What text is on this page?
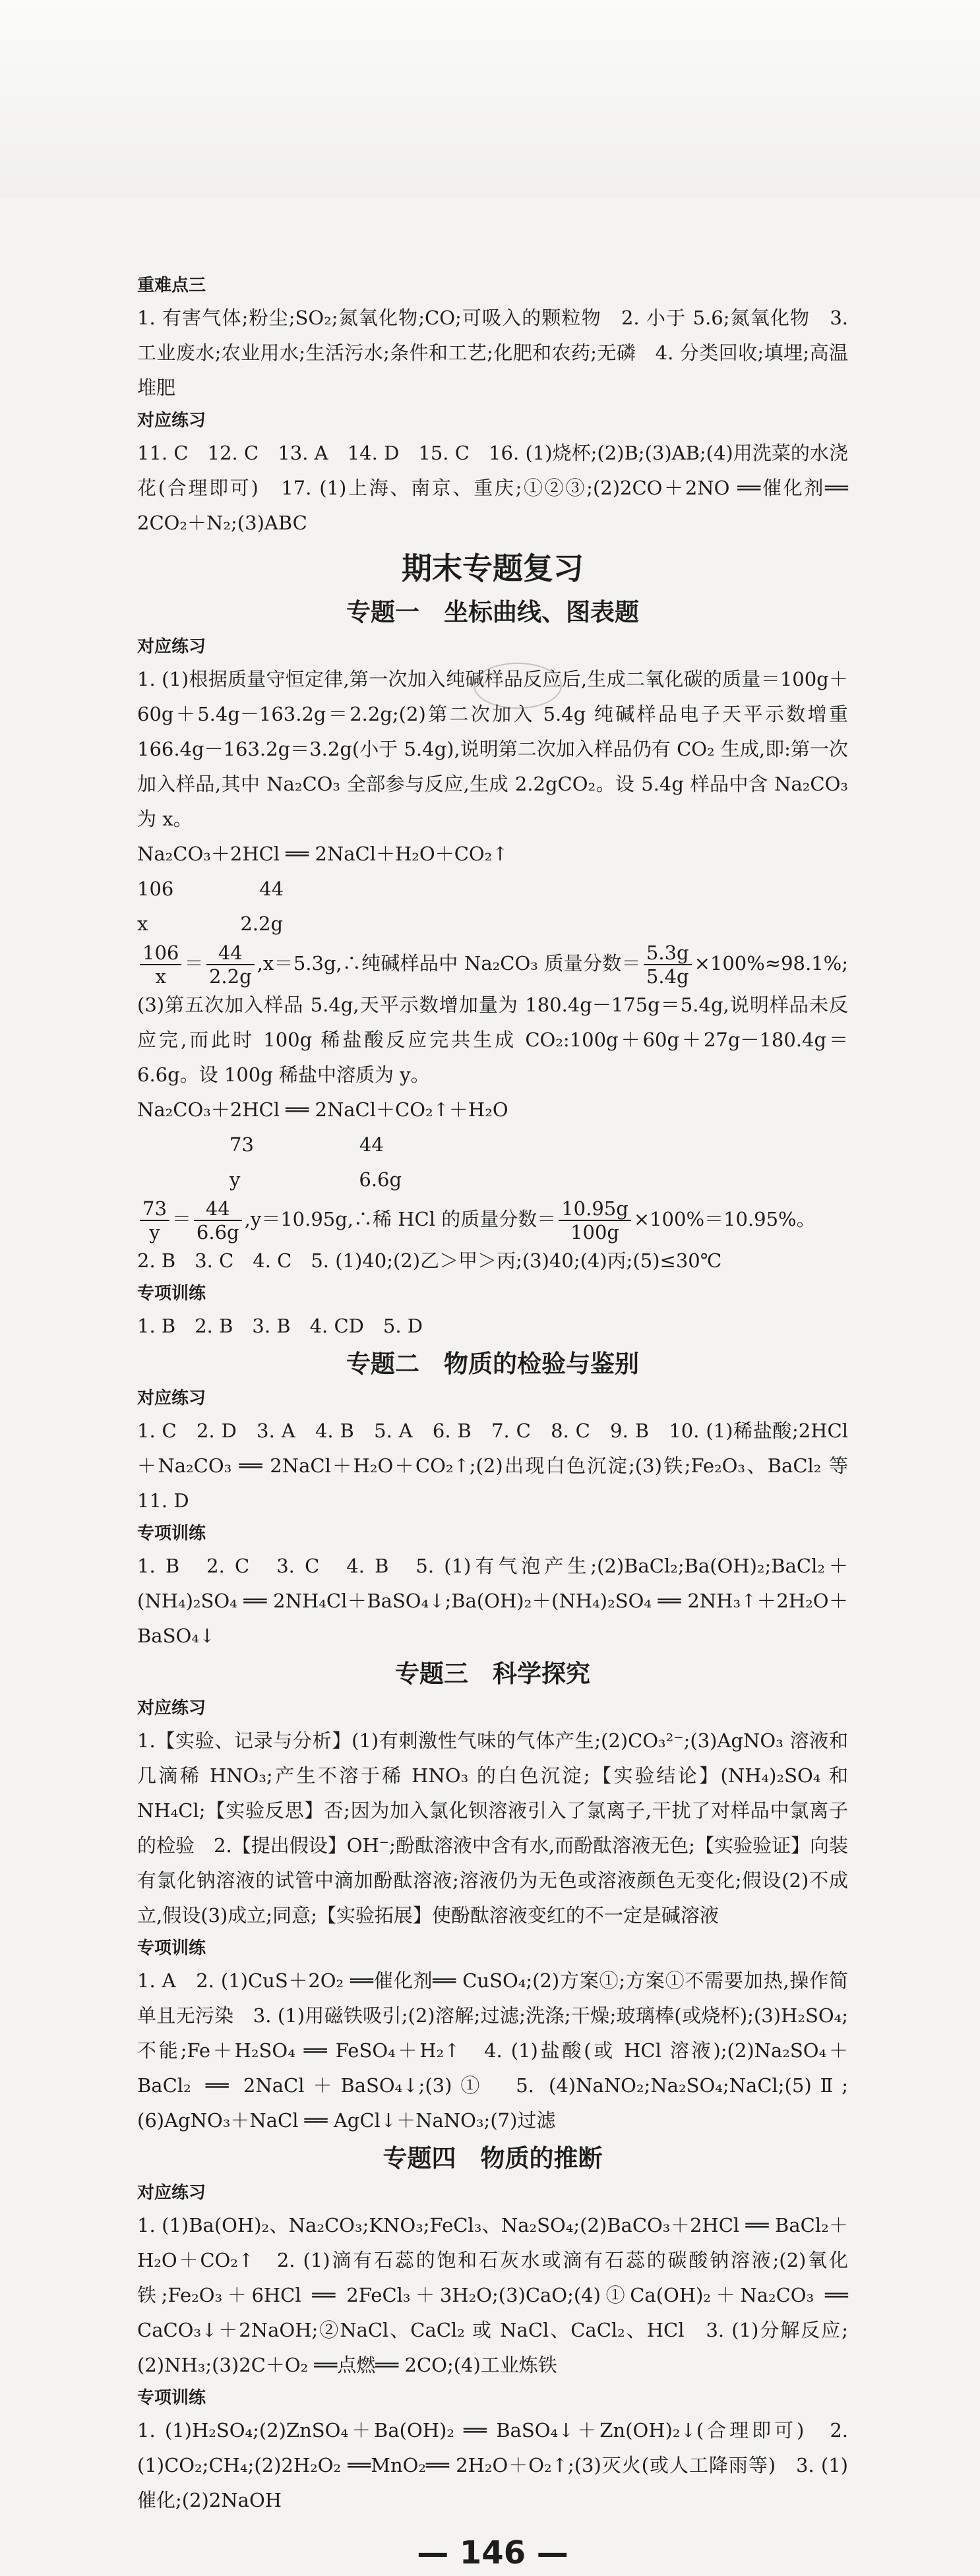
重难点三
1. 有害气体;粉尘;SO₂;氮氧化物;CO;可吸入的颗粒物　2. 小于 5.6;氮氧化物　3. 工业废水;农业用水;生活污水;条件和工艺;化肥和农药;无磷　4. 分类回收;填埋;高温堆肥
对应练习
11. C　12. C　13. A　14. D　15. C　16. (1)烧杯;(2)B;(3)AB;(4)用洗菜的水浇花(合理即可)　17. (1)上海、南京、重庆;①②③;(2)2CO＋2NO ══催化剂══ 2CO₂＋N₂;(3)ABC
期末专题复习
专题一　坐标曲线、图表题
对应练习
1. (1)根据质量守恒定律,第一次加入纯碱样品反应后,生成二氧化碳的质量＝100g＋60g＋5.4g－163.2g＝2.2g;(2)第二次加入 5.4g 纯碱样品电子天平示数增重 166.4g－163.2g＝3.2g(小于 5.4g),说明第二次加入样品仍有 CO₂ 生成,即:第一次加入样品,其中 Na₂CO₃ 全部参与反应,生成 2.2gCO₂。设 5.4g 样品中含 Na₂CO₃ 为 x。
Na₂CO₃＋2HCl ══ 2NaCl＋H₂O＋CO₂↑
106	44
x	2.2g
$\frac{106}{x} = \frac{44}{2.2g}$ ,x＝5.3g,∴纯碱样品中 Na₂CO₃ 质量分数＝ $\frac{5.3g}{5.4g}$ ×100%≈98.1%;(3)第五次加入样品 5.4g,天平示数增加量为 180.4g－175g＝5.4g,说明样品未反应完,而此时 100g 稀盐酸反应完共生成 CO₂:100g＋60g＋27g－180.4g＝6.6g。设 100g 稀盐中溶质为 y。
Na₂CO₃＋2HCl ══ 2NaCl＋CO₂↑＋H₂O
73	44
y	6.6g
$\frac{73}{y} = \frac{44}{6.6g}$ ,y＝10.95g,∴稀 HCl 的质量分数＝ $\frac{10.95g}{100g} \times 100\%=10.95\%$。
2. B　3. C　4. C　5. (1)40;(2)乙＞甲＞丙;(3)40;(4)丙;(5)≤30℃
专项训练
1. B　2. B　3. B　4. CD　5. D
专题二　物质的检验与鉴别
对应练习
1. C　2. D　3. A　4. B　5. A　6. B　7. C　8. C　9. B　10. (1)稀盐酸;2HCl＋Na₂CO₃ ══ 2NaCl＋H₂O＋CO₂↑;(2)出现白色沉淀;(3)铁;Fe₂O₃、BaCl₂ 等　11. D
专项训练
1. B　2. C　3. C　4. B　5. (1)有气泡产生;(2)BaCl₂;Ba(OH)₂;BaCl₂＋(NH₄)₂SO₄ ══ 2NH₄Cl＋BaSO₄↓;Ba(OH)₂＋(NH₄)₂SO₄ ══ 2NH₃↑＋2H₂O＋BaSO₄↓
专题三　科学探究
对应练习
1.【实验、记录与分析】(1)有刺激性气味的气体产生;(2)CO₃²⁻;(3)AgNO₃ 溶液和几滴稀 HNO₃;产生不溶于稀 HNO₃ 的白色沉淀;【实验结论】(NH₄)₂SO₄ 和 NH₄Cl;【实验反思】否;因为加入氯化钡溶液引入了氯离子,干扰了对样品中氯离子的检验　2.【提出假设】OH⁻;酚酞溶液中含有水,而酚酞溶液无色;【实验验证】向装有氯化钠溶液的试管中滴加酚酞溶液;溶液仍为无色或溶液颜色无变化;假设(2)不成立,假设(3)成立;同意;【实验拓展】使酚酞溶液变红的不一定是碱溶液
专项训练
1. A　2. (1)CuS＋2O₂ ══催化剂══ CuSO₄;(2)方案①;方案①不需要加热,操作简单且无污染　3. (1)用磁铁吸引;(2)溶解;过滤;洗涤;干燥;玻璃棒(或烧杯);(3)H₂SO₄;不能;Fe＋H₂SO₄ ══ FeSO₄＋H₂↑　4. (1)盐酸(或 HCl 溶液);(2)Na₂SO₄＋BaCl₂ ══ 2NaCl＋BaSO₄↓;(3)①　5. (4)NaNO₂;Na₂SO₄;NaCl;(5)Ⅱ;(6)AgNO₃＋NaCl ══ AgCl↓＋NaNO₃;(7)过滤
专题四　物质的推断
对应练习
1. (1)Ba(OH)₂、Na₂CO₃;KNO₃;FeCl₃、Na₂SO₄;(2)BaCO₃＋2HCl ══ BaCl₂＋H₂O＋CO₂↑　2. (1)滴有石蕊的饱和石灰水或滴有石蕊的碳酸钠溶液;(2)氧化铁;Fe₂O₃＋6HCl ══ 2FeCl₃＋3H₂O;(3)CaO;(4)①Ca(OH)₂＋Na₂CO₃ ══ CaCO₃↓＋2NaOH;②NaCl、CaCl₂ 或 NaCl、CaCl₂、HCl　3. (1)分解反应;(2)NH₃;(3)2C＋O₂ ══点燃══ 2CO;(4)工业炼铁
专项训练
1. (1)H₂SO₄;(2)ZnSO₄＋Ba(OH)₂ ══ BaSO₄↓＋Zn(OH)₂↓(合理即可)　2. (1)CO₂;CH₄;(2)2H₂O₂ ══MnO₂══ 2H₂O＋O₂↑;(3)灭火(或人工降雨等)　3. (1)催化;(2)2NaOH
— 146 —
